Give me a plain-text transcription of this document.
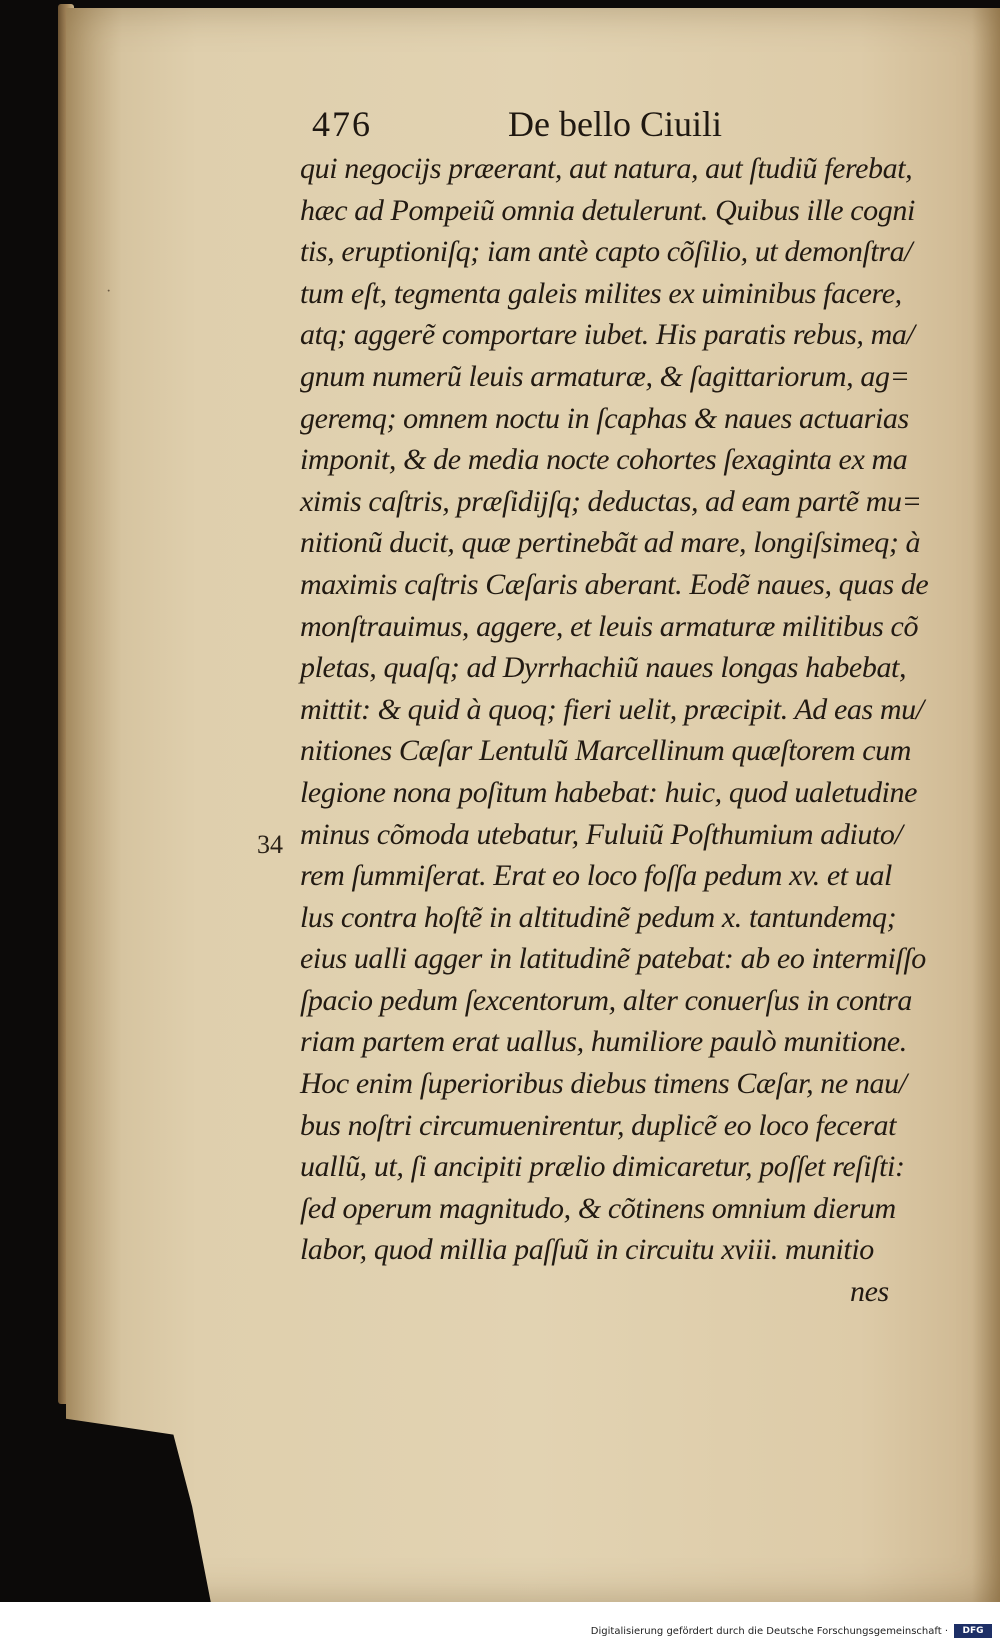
·
476	De bello Ciuili
34
qui negocijs præerant, aut natura, aut ſtudiũ ferebat,
hæc ad Pompeiũ omnia detulerunt. Quibus ille cogni
tis, eruptioniſq; iam antè capto cõſilio, ut demonſtra/
tum eſt, tegmenta galeis milites ex uiminibus facere,
atq; aggerẽ comportare iubet. His paratis rebus, ma/
gnum numerũ leuis armaturæ, & ſagittariorum, ag=
geremq; omnem noctu in ſcaphas & naues actuarias
imponit, & de media nocte cohortes ſexaginta ex ma
ximis caſtris, præſidijſq; deductas, ad eam partẽ mu=
nitionũ ducit, quæ pertinebãt ad mare, longiſsimeq; à
maximis caſtris Cæſaris aberant. Eodẽ naues, quas de
monſtrauimus, aggere, et leuis armaturæ militibus cõ
pletas, quaſq; ad Dyrrhachiũ naues longas habebat,
mittit: & quid à quoq; fieri uelit, præcipit. Ad eas mu/
nitiones Cæſar Lentulũ Marcellinum quæſtorem cum
legione nona poſitum habebat: huic, quod ualetudine
minus cõmoda utebatur, Fuluiũ Poſthumium adiuto/
rem ſummiſerat. Erat eo loco foſſa pedum xv. et ual
lus contra hoſtẽ in altitudinẽ pedum x. tantundemq;
eius ualli agger in latitudinẽ patebat: ab eo intermiſſo
ſpacio pedum ſexcentorum, alter conuerſus in contra
riam partem erat uallus, humiliore paulò munitione.
Hoc enim ſuperioribus diebus timens Cæſar, ne nau/
bus noſtri circumuenirentur, duplicẽ eo loco fecerat
uallũ, ut, ſi ancipiti prælio dimicaretur, poſſet reſiſti:
ſed operum magnitudo, & cõtinens omnium dierum
labor, quod millia paſſuũ in circuitu xviii. munitio
nes
Digitalisierung gefördert durch die Deutsche Forschungsgemeinschaft ·	DFG
